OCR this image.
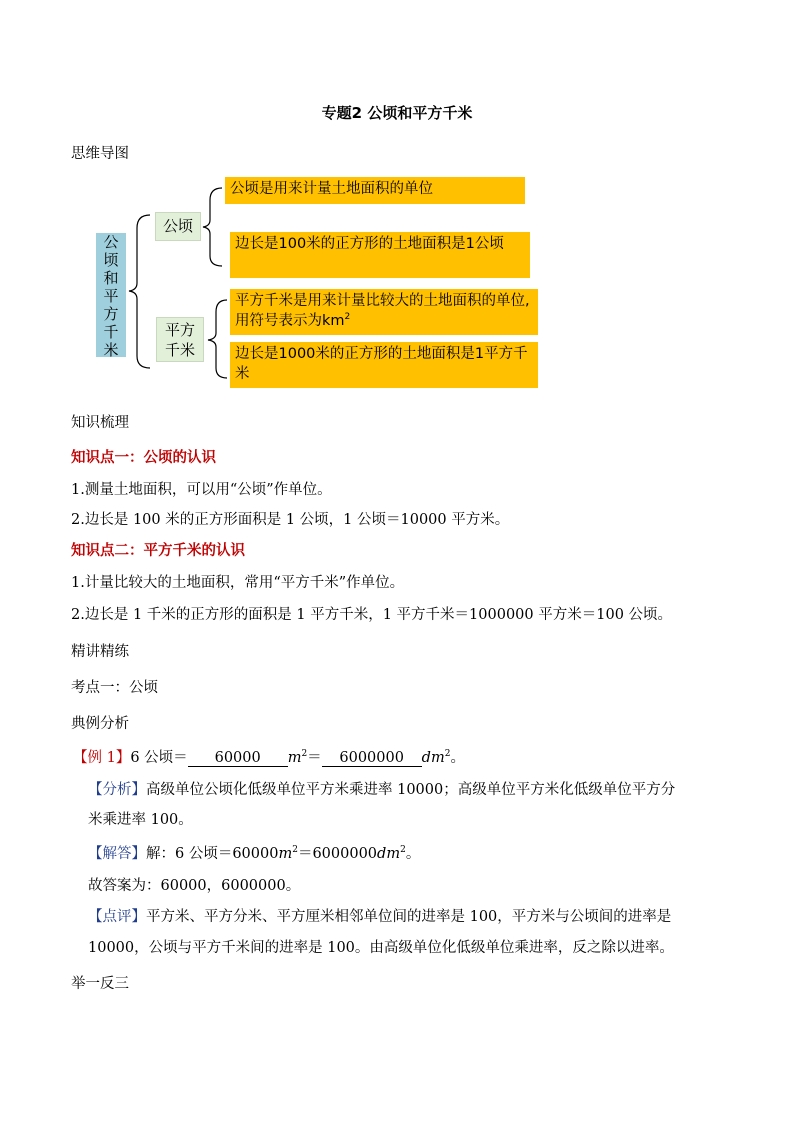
专题2 公顷和平方千米
思维导图
公
顷
和
平
方
千
米
公顷
平方
千米
公顷是用来计量土地面积的单位
边长是100米的正方形的土地面积是1公顷
平方千米是用来计量比较大的土地面积的单位,用符号表示为$km^2$
边长是1000米的正方形的土地面积是1平方千米
知识梳理
知识点一：公顷的认识
1.测量土地面积，可以用“公顷”作单位。
2.边长是 100 米的正方形面积是 1 公顷，1 公顷＝10000 平方米。
知识点二：平方千米的认识
1.计量比较大的土地面积，常用“平方千米”作单位。
2.边长是 1 千米的正方形的面积是 1 平方千米，1 平方千米＝1000000 平方米＝100 公顷。
精讲精练
考点一：公顷
典例分析
【例 1】6 公顷＝ 60000 $m^2= 6000000$ $dm^2$。
【分析】高级单位公顷化低级单位平方米乘进率 10000；高级单位平方米化低级单位平方分
米乘进率 100。
【解答】解：6 公顷$=60000m^2=6000000dm^2$。
故答案为：60000，6000000。
【点评】平方米、平方分米、平方厘米相邻单位间的进率是 100，平方米与公顷间的进率是
10000，公顷与平方千米间的进率是 100。由高级单位化低级单位乘进率，反之除以进率。
举一反三
